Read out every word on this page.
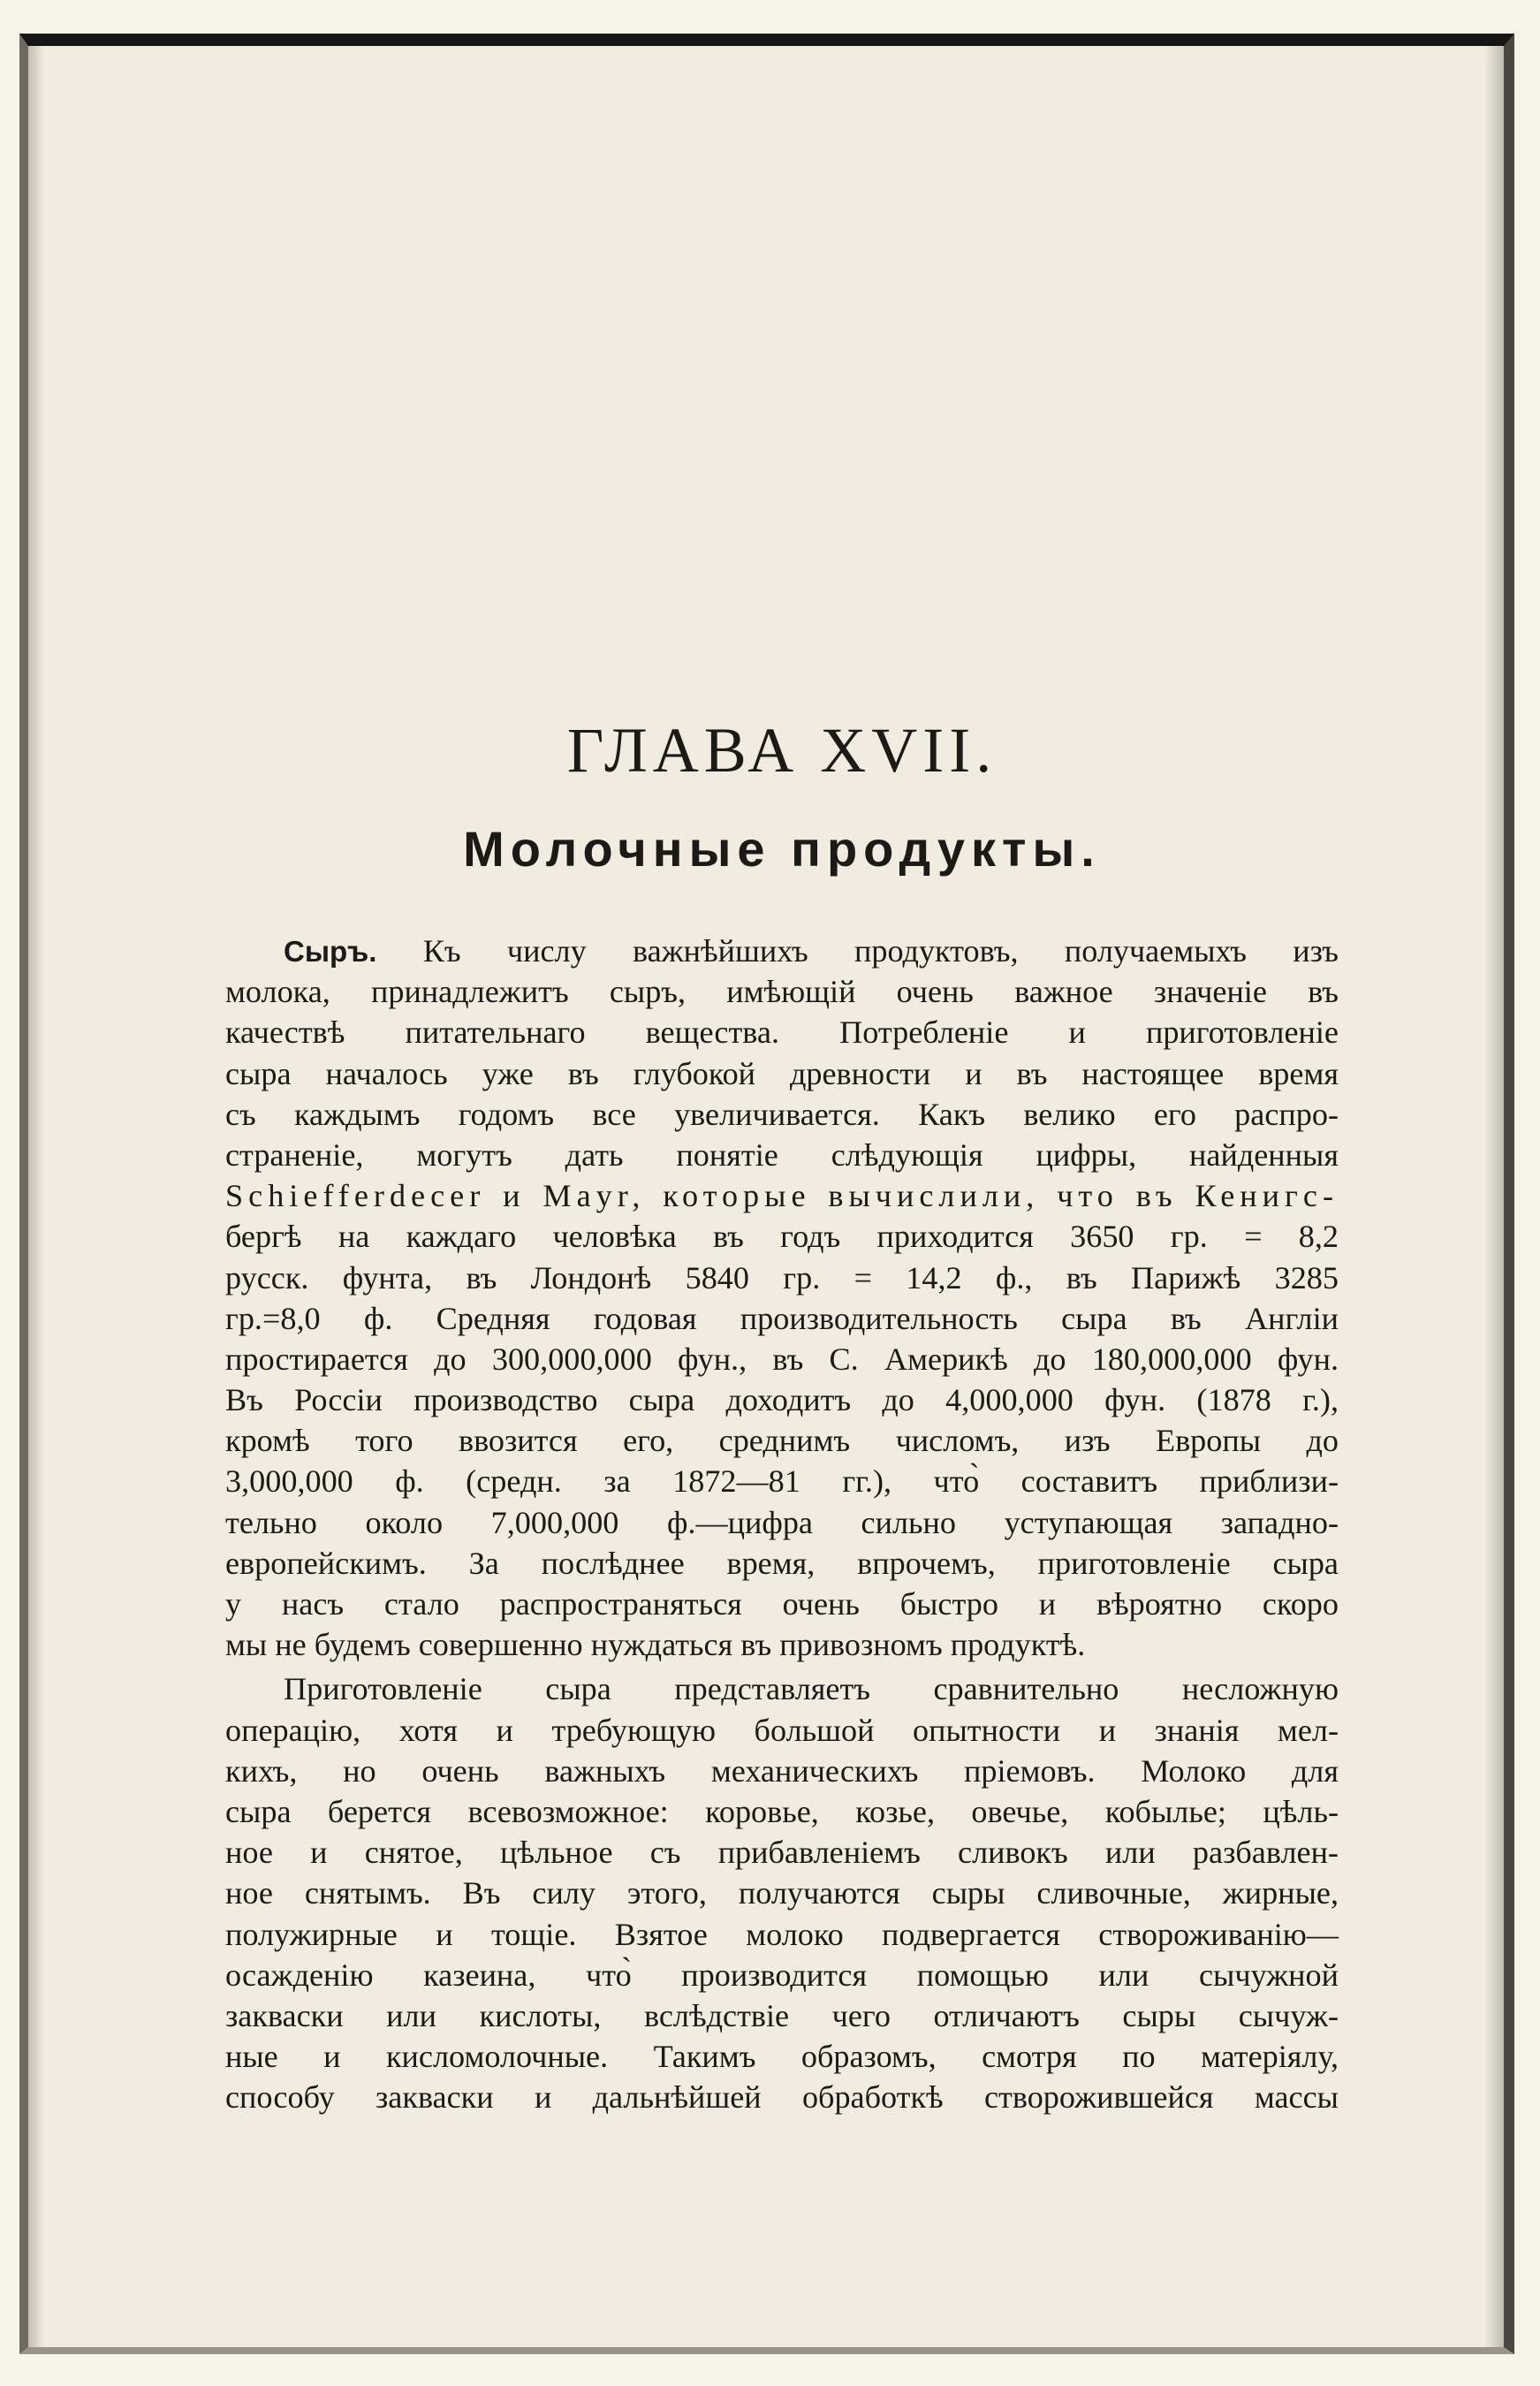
ГЛАВА XVII.
Молочные продукты.
Сыръ. Къ числу важнѣйшихъ продуктовъ, получаемыхъ изъ
молока, принадлежитъ сыръ, имѣющій очень важное значеніе въ
качествѣ питательнаго вещества. Потребленіе и приготовленіе
сыра началось уже въ глубокой древности и въ настоящее время
съ каждымъ годомъ все увеличивается. Какъ велико его распро-
страненіе, могутъ дать понятіе слѣдующія цифры, найденныя
Schiefferdecer и Mayr, которые вычислили, что въ Кенигс-
бергѣ на каждаго человѣка въ годъ приходится 3650 гр. = 8,2
русск. фунта, въ Лондонѣ 5840 гр. = 14,2 ф., въ Парижѣ 3285
гр.=8,0 ф. Средняя годовая производительность сыра въ Англіи
простирается до 300,000,000 фун., въ С. Америкѣ до 180,000,000 фун.
Въ Россіи производство сыра доходитъ до 4,000,000 фун. (1878 г.),
кромѣ того ввозится его, среднимъ числомъ, изъ Европы до
3,000,000 ф. (средн. за 1872—81 гг.), что̀ составитъ приблизи-
тельно около 7,000,000 ф.—цифра сильно уступающая западно-
европейскимъ. За послѣднее время, впрочемъ, приготовленіе сыра
у насъ стало распространяться очень быстро и вѣроятно скоро
мы не будемъ совершенно нуждаться въ привозномъ продуктѣ.
Приготовленіе сыра представляетъ сравнительно несложную
операцію, хотя и требующую большой опытности и знанія мел-
кихъ, но очень важныхъ механическихъ пріемовъ. Молоко для
сыра берется всевозможное: коровье, козье, овечье, кобылье; цѣль-
ное и снятое, цѣльное съ прибавленіемъ сливокъ или разбавлен-
ное снятымъ. Въ силу этого, получаются сыры сливочные, жирные,
полужирные и тощіе. Взятое молоко подвергается створоживанію—
осажденію казеина, что̀ производится помощью или сычужной
закваски или кислоты, вслѣдствіе чего отличаютъ сыры сычуж-
ные и кисломолочные. Такимъ образомъ, смотря по матеріялу,
способу закваски и дальнѣйшей обработкѣ створожившейся массы
